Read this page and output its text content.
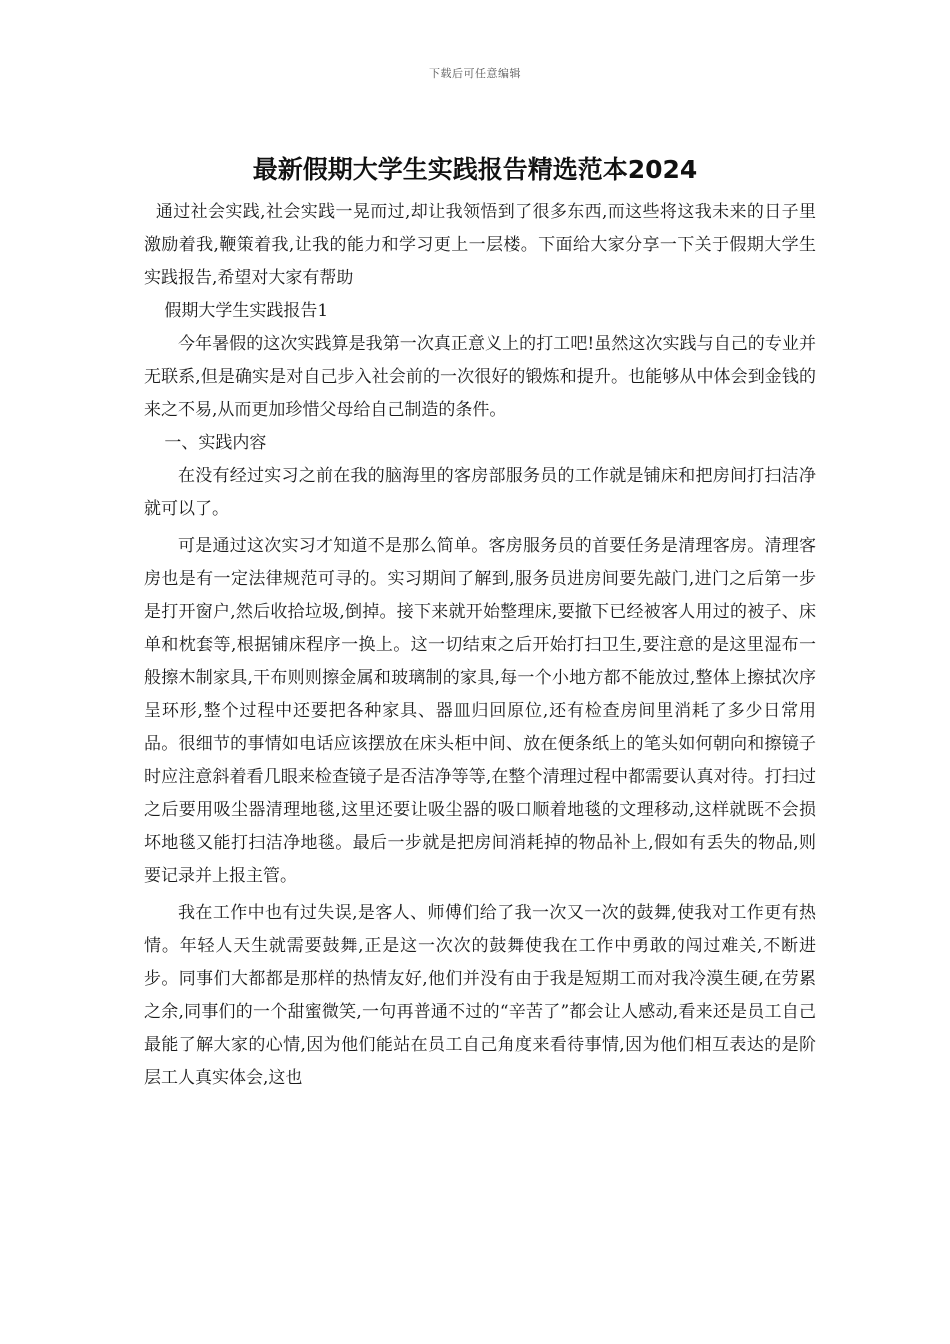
下载后可任意编辑
最新假期大学生实践报告精选范本2024

通过社会实践,社会实践一晃而过,却让我领悟到了很多东西,而这些将这我未来的日子里激励着我,鞭策着我,让我的能力和学习更上一层楼。下面给大家分享一下关于假期大学生实践报告,希望对大家有帮助

假期大学生实践报告1

今年暑假的这次实践算是我第一次真正意义上的打工吧!虽然这次实践与自己的专业并无联系,但是确实是对自己步入社会前的一次很好的锻炼和提升。也能够从中体会到金钱的来之不易,从而更加珍惜父母给自己制造的条件。

一、实践内容

在没有经过实习之前在我的脑海里的客房部服务员的工作就是铺床和把房间打扫洁净就可以了。

可是通过这次实习才知道不是那么简单。客房服务员的首要任务是清理客房。清理客房也是有一定法律规范可寻的。实习期间了解到,服务员进房间要先敲门,进门之后第一步是打开窗户,然后收拾垃圾,倒掉。接下来就开始整理床,要撤下已经被客人用过的被子、床单和枕套等,根据铺床程序一换上。这一切结束之后开始打扫卫生,要注意的是这里湿布一般擦木制家具,干布则则擦金属和玻璃制的家具,每一个小地方都不能放过,整体上擦拭次序呈环形,整个过程中还要把各种家具、器皿归回原位,还有检查房间里消耗了多少日常用品。很细节的事情如电话应该摆放在床头柜中间、放在便条纸上的笔头如何朝向和擦镜子时应注意斜着看几眼来检查镜子是否洁净等等,在整个清理过程中都需要认真对待。打扫过之后要用吸尘器清理地毯,这里还要让吸尘器的吸口顺着地毯的文理移动,这样就既不会损坏地毯又能打扫洁净地毯。最后一步就是把房间消耗掉的物品补上,假如有丢失的物品,则要记录并上报主管。

我在工作中也有过失误,是客人、师傅们给了我一次又一次的鼓舞,使我对工作更有热情。年轻人天生就需要鼓舞,正是这一次次的鼓舞使我在工作中勇敢的闯过难关,不断进步。同事们大都都是那样的热情友好,他们并没有由于我是短期工而对我冷漠生硬,在劳累之余,同事们的一个甜蜜微笑,一句再普通不过的“辛苦了”都会让人感动,看来还是员工自己最能了解大家的心情,因为他们能站在员工自己角度来看待事情,因为他们相互表达的是阶层工人真实体会,这也
